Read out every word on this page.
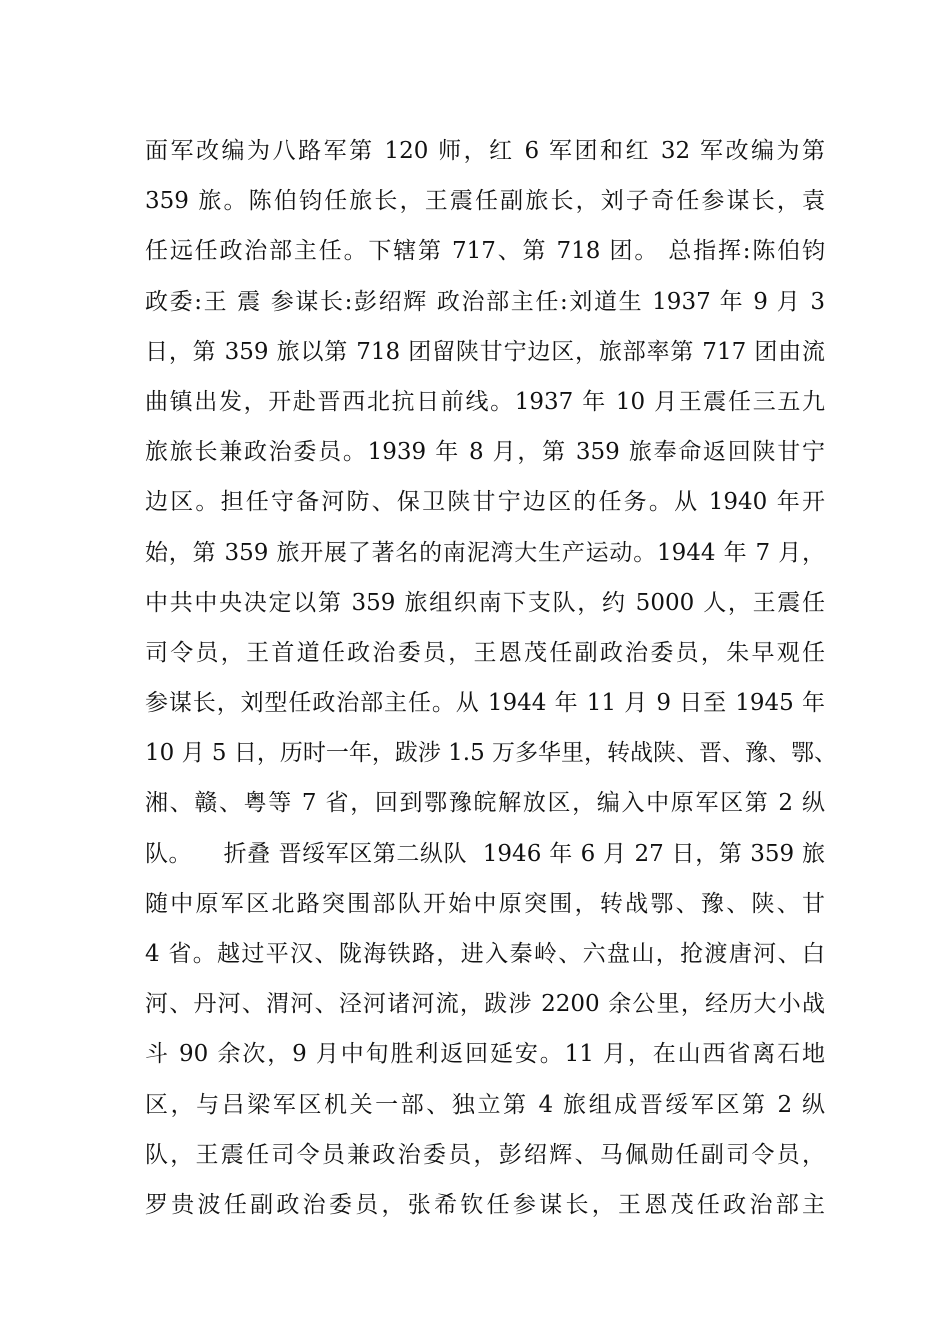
面军改编为八路军第 120 师，红 6 军团和红 32 军改编为第
359 旅。陈伯钧任旅长，王震任副旅长，刘子奇任参谋长，袁
任远任政治部主任。下辖第 717、第 718 团。 总指挥:陈伯钧
政委:王 震 参谋长:彭绍辉 政治部主任:刘道生 1937 年 9 月 3
日，第 359 旅以第 718 团留陕甘宁边区，旅部率第 717 团由流
曲镇出发，开赴晋西北抗日前线。1937 年 10 月王震任三五九
旅旅长兼政治委员。1939 年 8 月，第 359 旅奉命返回陕甘宁
边区。担任守备河防、保卫陕甘宁边区的任务。从 1940 年开
始，第 359 旅开展了著名的南泥湾大生产运动。1944 年 7 月，
中共中央决定以第 359 旅组织南下支队，约 5000 人，王震任
司令员，王首道任政治委员，王恩茂任副政治委员，朱早观任
参谋长，刘型任政治部主任。从 1944 年 11 月 9 日至 1945 年
10 月 5 日，历时一年，跋涉 1.5 万多华里，转战陕、晋、豫、鄂、
湘、赣、粤等 7 省，回到鄂豫皖解放区，编入中原军区第 2 纵
队。    折叠 晋绥军区第二纵队  1946 年 6 月 27 日，第 359 旅
随中原军区北路突围部队开始中原突围，转战鄂、豫、陕、甘
4 省。越过平汉、陇海铁路，进入秦岭、六盘山，抢渡唐河、白
河、丹河、渭河、泾河诸河流，跋涉 2200 余公里，经历大小战
斗 90 余次，9 月中旬胜利返回延安。11 月，在山西省离石地
区，与吕梁军区机关一部、独立第 4 旅组成晋绥军区第 2 纵
队，王震任司令员兼政治委员，彭绍辉、马佩勋任副司令员，
罗贵波任副政治委员，张希钦任参谋长，王恩茂任政治部主
